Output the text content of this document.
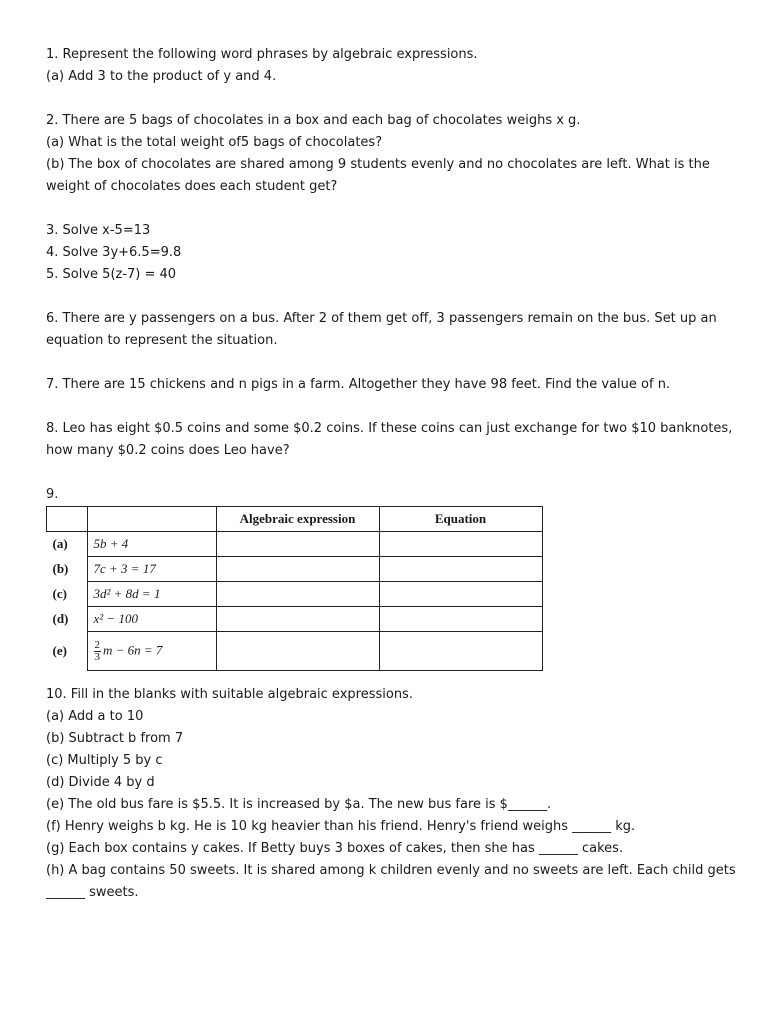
1. Represent the following word phrases by algebraic expressions.
(a) Add 3 to the product of y and 4.
2. There are 5 bags of chocolates in a box and each bag of chocolates weighs x g.
(a) What is the total weight of5 bags of chocolates?
(b) The box of chocolates are shared among 9 students evenly and no chocolates are left. What is the
weight of chocolates does each student get?
3. Solve x-5=13
4. Solve 3y+6.5=9.8
5. Solve 5(z-7) = 40
6. There are y passengers on a bus. After 2 of them get off, 3 passengers remain on the bus. Set up an
equation to represent the situation.
7. There are 15 chickens and n pigs in a farm. Altogether they have 98 feet. Find the value of n.
8. Leo has eight $0.5 coins and some $0.2 coins. If these coins can just exchange for two $10 banknotes,
how many $0.2 coins does Leo have?
9.
		Algebraic expression	Equation
(a)	5b + 4		
(b)	7c + 3 = 17		
(c)	3d² + 8d = 1		
(d)	x² − 100		
(e)	$\frac{2}{3}$ m − 6n = 7		
10. Fill in the blanks with suitable algebraic expressions.
(a) Add a to 10
(b) Subtract b from 7
(c) Multiply 5 by c
(d) Divide 4 by d
(e) The old bus fare is $5.5. It is increased by $a. The new bus fare is $______.
(f) Henry weighs b kg. He is 10 kg heavier than his friend. Henry's friend weighs ______ kg.
(g) Each box contains y cakes. If Betty buys 3 boxes of cakes, then she has ______ cakes.
(h) A bag contains 50 sweets. It is shared among k children evenly and no sweets are left. Each child gets
______ sweets.
